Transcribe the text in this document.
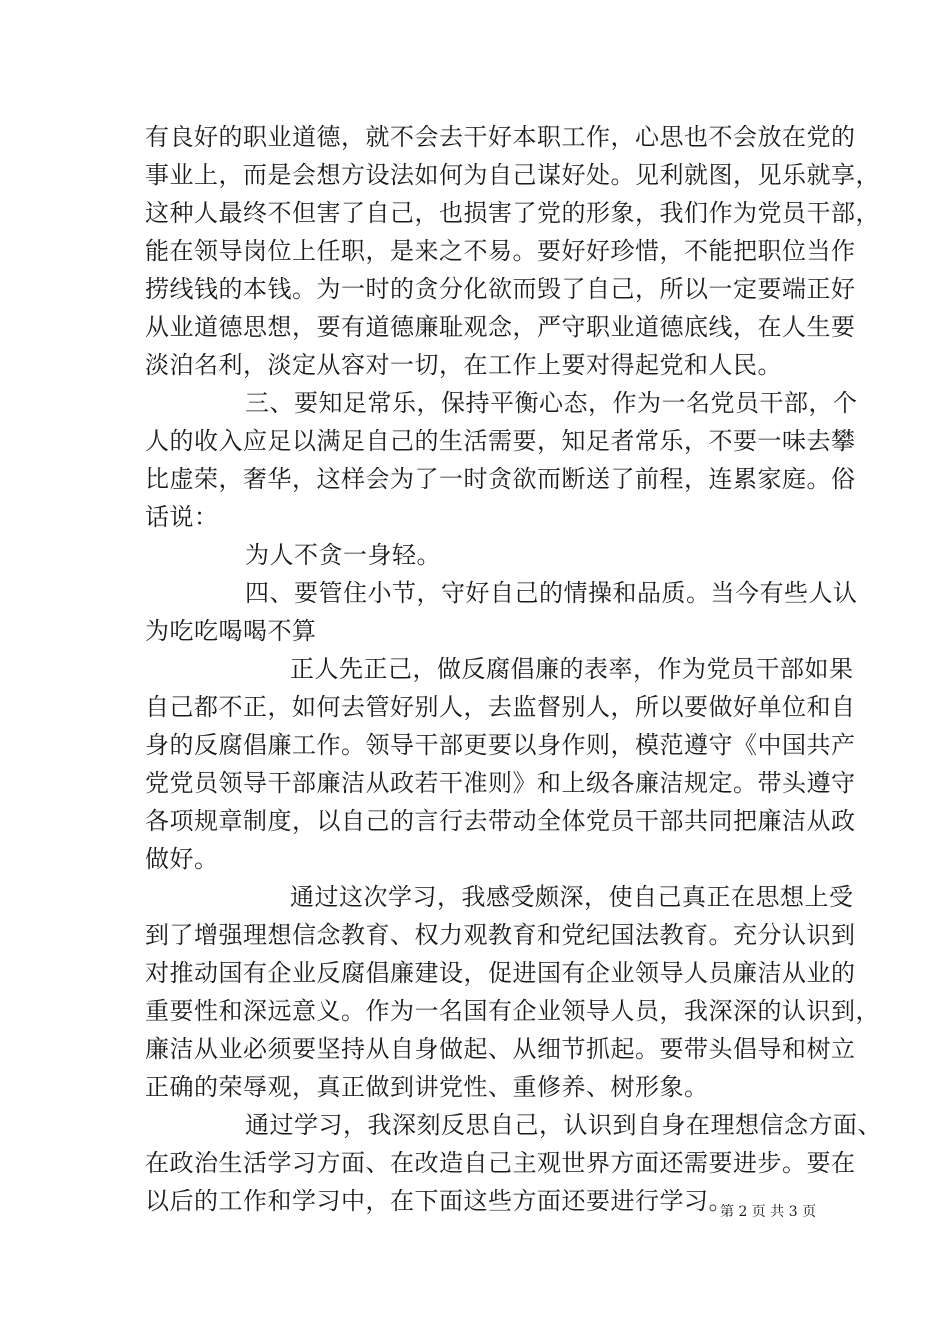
有良好的职业道德，就不会去干好本职工作，心思也不会放在党的
事业上，而是会想方设法如何为自己谋好处。见利就图，见乐就享，
这种人最终不但害了自己，也损害了党的形象，我们作为党员干部，
能在领导岗位上任职，是来之不易。要好好珍惜，不能把职位当作
捞线钱的本钱。为一时的贪分化欲而毁了自己，所以一定要端正好
从业道德思想，要有道德廉耻观念，严守职业道德底线，在人生要
淡泊名利，淡定从容对一切，在工作上要对得起党和人民。
三、要知足常乐，保持平衡心态，作为一名党员干部，个
人的收入应足以满足自己的生活需要，知足者常乐，不要一味去攀
比虚荣，奢华，这样会为了一时贪欲而断送了前程，连累家庭。俗
话说：
为人不贪一身轻。
四、要管住小节，守好自己的情操和品质。当今有些人认
为吃吃喝喝不算
正人先正己，做反腐倡廉的表率，作为党员干部如果
自己都不正，如何去管好别人，去监督别人，所以要做好单位和自
身的反腐倡廉工作。领导干部更要以身作则，模范遵守《中国共产
党党员领导干部廉洁从政若干准则》和上级各廉洁规定。带头遵守
各项规章制度，以自己的言行去带动全体党员干部共同把廉洁从政
做好。
通过这次学习，我感受颇深，使自己真正在思想上受
到了增强理想信念教育、权力观教育和党纪国法教育。充分认识到
对推动国有企业反腐倡廉建设，促进国有企业领导人员廉洁从业的
重要性和深远意义。作为一名国有企业领导人员，我深深的认识到，
廉洁从业必须要坚持从自身做起、从细节抓起。要带头倡导和树立
正确的荣辱观，真正做到讲党性、重修养、树形象。
通过学习，我深刻反思自己，认识到自身在理想信念方面、
在政治生活学习方面、在改造自己主观世界方面还需要进步。要在
以后的工作和学习中，在下面这些方面还要进行学习。
第 2 页 共 3 页
